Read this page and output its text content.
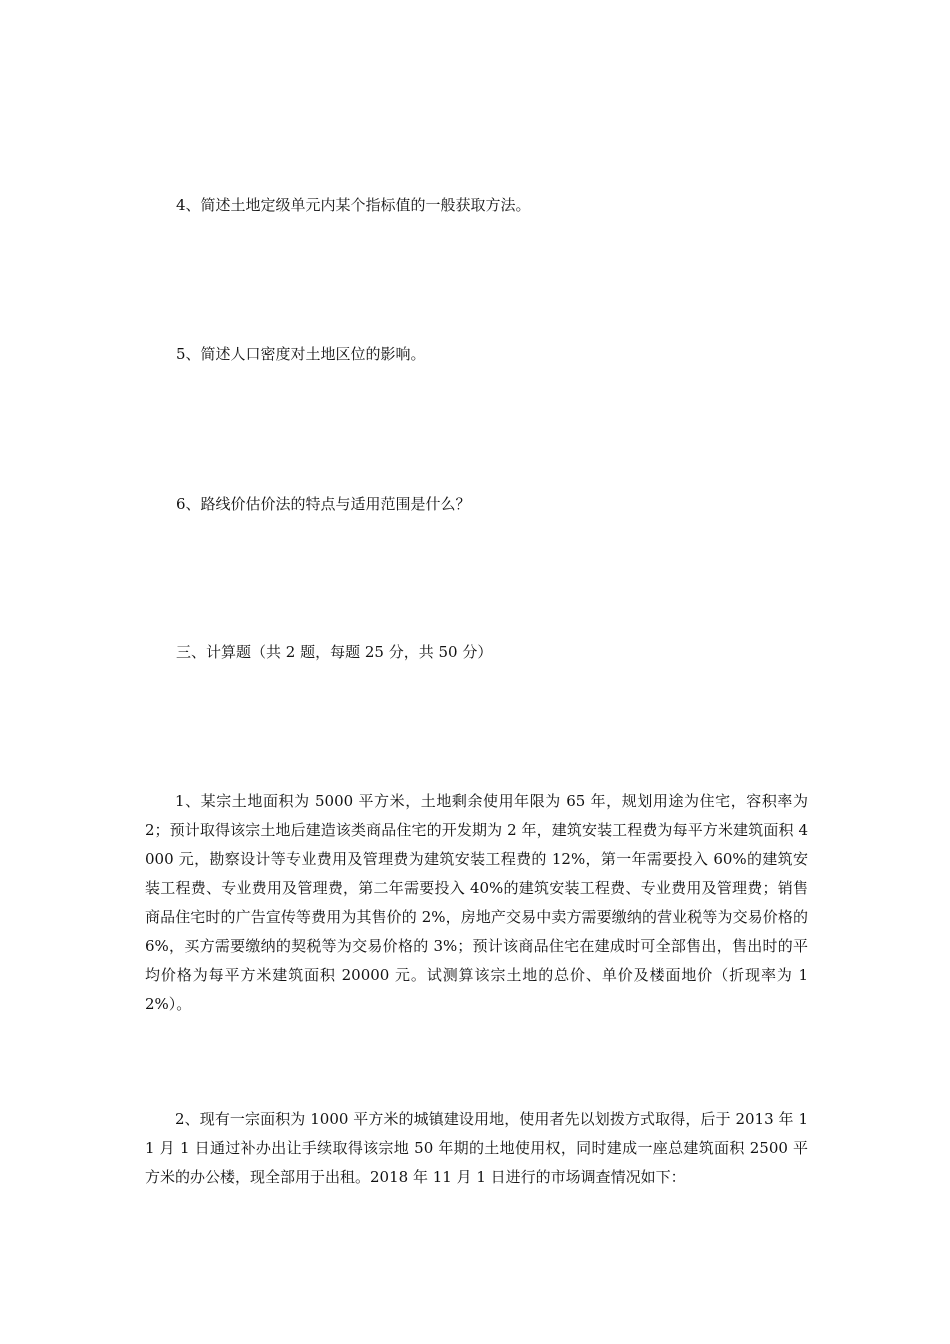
4、简述土地定级单元内某个指标值的一般获取方法。

5、简述人口密度对土地区位的影响。

6、路线价估价法的特点与适用范围是什么？

三、计算题（共 2 题，每题 25 分，共 50 分）

1、某宗土地面积为 5000 平方米，土地剩余使用年限为 65 年，规划用途为住宅，容积率为 2；预计取得该宗土地后建造该类商品住宅的开发期为 2 年，建筑安装工程费为每平方米建筑面积 4000 元，勘察设计等专业费用及管理费为建筑安装工程费的 12%，第一年需要投入 60%的建筑安装工程费、专业费用及管理费，第二年需要投入 40%的建筑安装工程费、专业费用及管理费；销售商品住宅时的广告宣传等费用为其售价的 2%，房地产交易中卖方需要缴纳的营业税等为交易价格的 6%，买方需要缴纳的契税等为交易价格的 3%；预计该商品住宅在建成时可全部售出，售出时的平均价格为每平方米建筑面积 20000 元。试测算该宗土地的总价、单价及楼面地价（折现率为 12%）。

2、现有一宗面积为 1000 平方米的城镇建设用地，使用者先以划拨方式取得，后于 2013 年 11 月 1 日通过补办出让手续取得该宗地 50 年期的土地使用权，同时建成一座总建筑面积 2500 平方米的办公楼，现全部用于出租。2018 年 11 月 1 日进行的市场调查情况如下：
